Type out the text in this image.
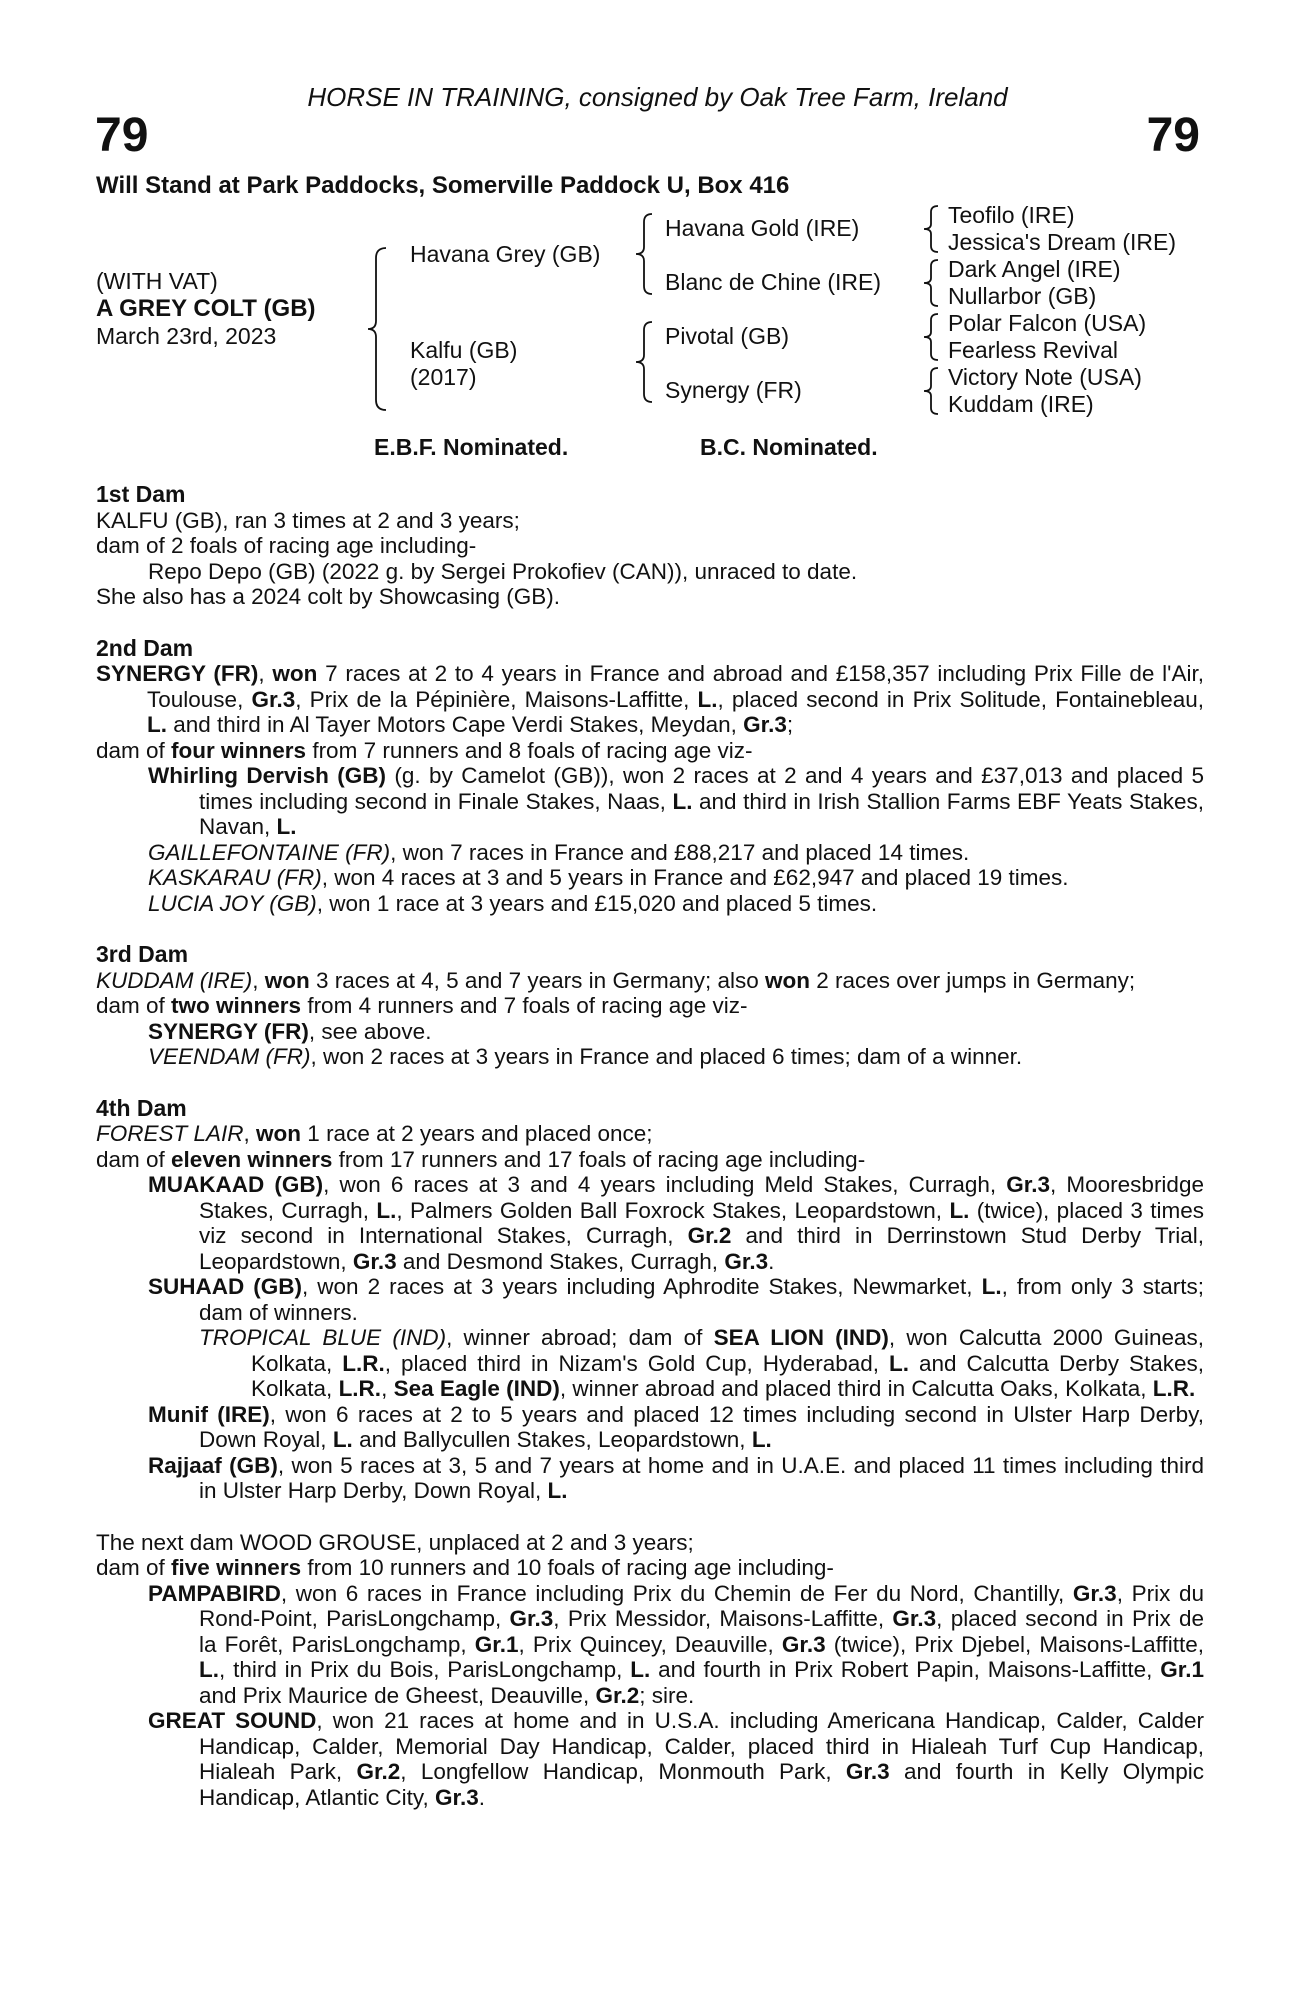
HORSE IN TRAINING, consigned by Oak Tree Farm, Ireland
79	79
Will Stand at Park Paddocks, Somerville Paddock U, Box 416
(WITH VAT)
A GREY COLT (GB)
March 23rd, 2023
Havana Grey (GB)
Kalfu (GB)
(2017)
Havana Gold (IRE)
Blanc de Chine (IRE)
Pivotal (GB)
Synergy (FR)
Teofilo (IRE)
Jessica's Dream (IRE)
Dark Angel (IRE)
Nullarbor (GB)
Polar Falcon (USA)
Fearless Revival
Victory Note (USA)
Kuddam (IRE)
E.B.F. Nominated.	B.C. Nominated.
1st Dam
KALFU (GB), ran 3 times at 2 and 3 years;
dam of 2 foals of racing age including-
Repo Depo (GB) (2022 g. by Sergei Prokofiev (CAN)), unraced to date.
She also has a 2024 colt by Showcasing (GB).
2nd Dam
SYNERGY (FR), won 7 races at 2 to 4 years in France and abroad and £158,357 including Prix Fille de l'Air, Toulouse, Gr.3, Prix de la Pépinière, Maisons-Laffitte, L., placed second in Prix Solitude, Fontainebleau, L. and third in Al Tayer Motors Cape Verdi Stakes, Meydan, Gr.3;
dam of four winners from 7 runners and 8 foals of racing age viz-
Whirling Dervish (GB) (g. by Camelot (GB)), won 2 races at 2 and 4 years and £37,013 and placed 5 times including second in Finale Stakes, Naas, L. and third in Irish Stallion Farms EBF Yeats Stakes, Navan, L.
GAILLEFONTAINE (FR), won 7 races in France and £88,217 and placed 14 times.
KASKARAU (FR), won 4 races at 3 and 5 years in France and £62,947 and placed 19 times.
LUCIA JOY (GB), won 1 race at 3 years and £15,020 and placed 5 times.
3rd Dam
KUDDAM (IRE), won 3 races at 4, 5 and 7 years in Germany; also won 2 races over jumps in Germany;
dam of two winners from 4 runners and 7 foals of racing age viz-
SYNERGY (FR), see above.
VEENDAM (FR), won 2 races at 3 years in France and placed 6 times; dam of a winner.
4th Dam
FOREST LAIR, won 1 race at 2 years and placed once;
dam of eleven winners from 17 runners and 17 foals of racing age including-
MUAKAAD (GB), won 6 races at 3 and 4 years including Meld Stakes, Curragh, Gr.3, Mooresbridge Stakes, Curragh, L., Palmers Golden Ball Foxrock Stakes, Leopardstown, L. (twice), placed 3 times viz second in International Stakes, Curragh, Gr.2 and third in Derrinstown Stud Derby Trial, Leopardstown, Gr.3 and Desmond Stakes, Curragh, Gr.3.
SUHAAD (GB), won 2 races at 3 years including Aphrodite Stakes, Newmarket, L., from only 3 starts; dam of winners.
TROPICAL BLUE (IND), winner abroad; dam of SEA LION (IND), won Calcutta 2000 Guineas, Kolkata, L.R., placed third in Nizam's Gold Cup, Hyderabad, L. and Calcutta Derby Stakes, Kolkata, L.R., Sea Eagle (IND), winner abroad and placed third in Calcutta Oaks, Kolkata, L.R.
Munif (IRE), won 6 races at 2 to 5 years and placed 12 times including second in Ulster Harp Derby, Down Royal, L. and Ballycullen Stakes, Leopardstown, L.
Rajjaaf (GB), won 5 races at 3, 5 and 7 years at home and in U.A.E. and placed 11 times including third in Ulster Harp Derby, Down Royal, L.
The next dam WOOD GROUSE, unplaced at 2 and 3 years;
dam of five winners from 10 runners and 10 foals of racing age including-
PAMPABIRD, won 6 races in France including Prix du Chemin de Fer du Nord, Chantilly, Gr.3, Prix du Rond-Point, ParisLongchamp, Gr.3, Prix Messidor, Maisons-Laffitte, Gr.3, placed second in Prix de la Forêt, ParisLongchamp, Gr.1, Prix Quincey, Deauville, Gr.3 (twice), Prix Djebel, Maisons-Laffitte, L., third in Prix du Bois, ParisLongchamp, L. and fourth in Prix Robert Papin, Maisons-Laffitte, Gr.1 and Prix Maurice de Gheest, Deauville, Gr.2; sire.
GREAT SOUND, won 21 races at home and in U.S.A. including Americana Handicap, Calder, Calder Handicap, Calder, Memorial Day Handicap, Calder, placed third in Hialeah Turf Cup Handicap, Hialeah Park, Gr.2, Longfellow Handicap, Monmouth Park, Gr.3 and fourth in Kelly Olympic Handicap, Atlantic City, Gr.3.
